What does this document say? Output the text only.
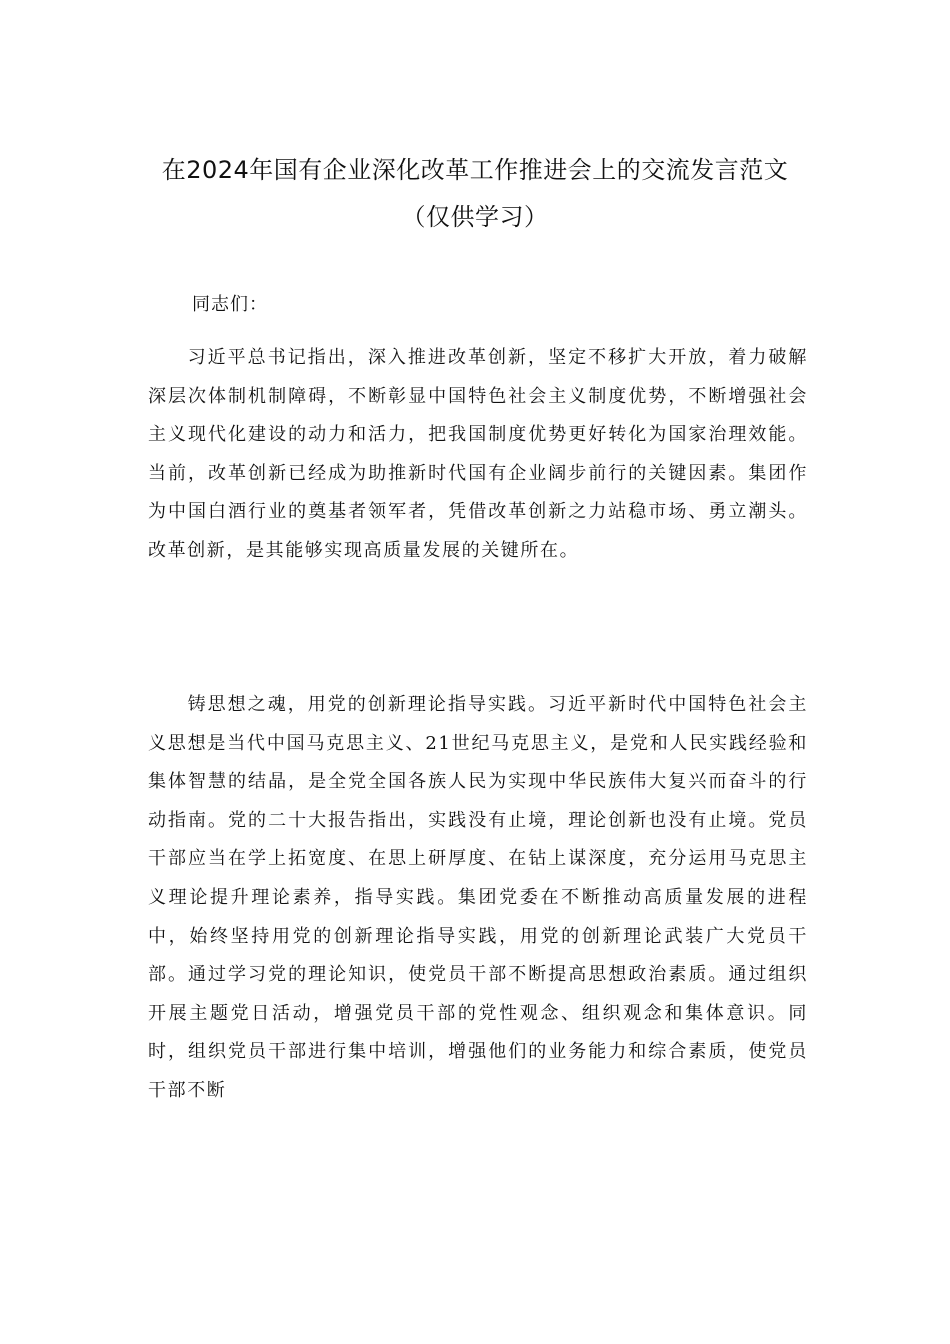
在2024年国有企业深化改革工作推进会上的交流发言范文
（仅供学习）

同志们：

习近平总书记指出，深入推进改革创新，坚定不移扩大开放，着力破解深层次体制机制障碍，不断彰显中国特色社会主义制度优势，不断增强社会主义现代化建设的动力和活力，把我国制度优势更好转化为国家治理效能。当前，改革创新已经成为助推新时代国有企业阔步前行的关键因素。集团作为中国白酒行业的奠基者领军者，凭借改革创新之力站稳市场、勇立潮头。改革创新，是其能够实现高质量发展的关键所在。

铸思想之魂，用党的创新理论指导实践。习近平新时代中国特色社会主义思想是当代中国马克思主义、21世纪马克思主义，是党和人民实践经验和集体智慧的结晶，是全党全国各族人民为实现中华民族伟大复兴而奋斗的行动指南。党的二十大报告指出，实践没有止境，理论创新也没有止境。党员干部应当在学上拓宽度、在思上研厚度、在钻上谋深度，充分运用马克思主义理论提升理论素养，指导实践。集团党委在不断推动高质量发展的进程中，始终坚持用党的创新理论指导实践，用党的创新理论武装广大党员干部。通过学习党的理论知识，使党员干部不断提高思想政治素质。通过组织开展主题党日活动，增强党员干部的党性观念、组织观念和集体意识。同时，组织党员干部进行集中培训，增强他们的业务能力和综合素质，使党员干部不断
